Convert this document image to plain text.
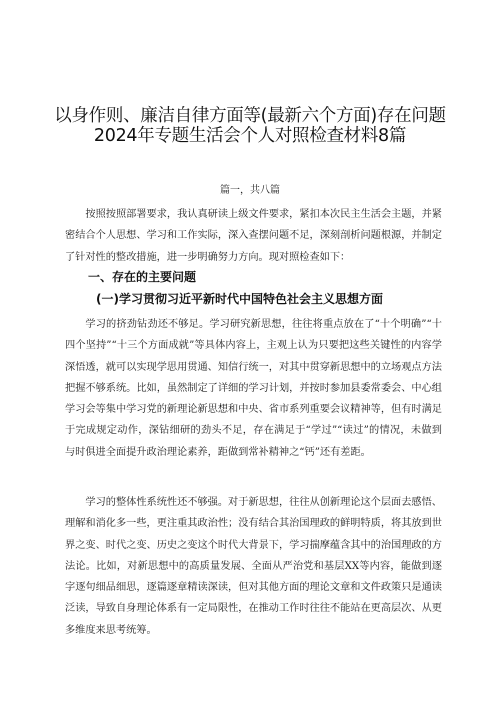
以身作则、廉洁自律方面等(最新六个方面)存在问题
2024年专题生活会个人对照检查材料8篇
篇一，共八篇

按照按照部署要求，我认真研读上级文件要求，紧扣本次民主生活会主题，并紧密结合个人思想、学习和工作实际，深入查摆问题不足，深刻剖析问题根源，并制定了针对性的整改措施，进一步明确努力方向。现对照检查如下：

一、存在的主要问题
(一)学习贯彻习近平新时代中国特色社会主义思想方面

学习的挤劲钻劲还不够足。学习研究新思想，往往将重点放在了“十个明确”“十四个坚持”“十三个方面成就”等具体内容上，主观上认为只要把这些关键性的内容学深悟透，就可以实现学思用贯通、知信行统一，对其中贯穿新思想中的立场观点方法把握不够系统。比如，虽然制定了详细的学习计划，并按时参加县委常委会、中心组学习会等集中学习党的新理论新思想和中央、省市系列重要会议精神等，但有时满足于完成规定动作，深钻细研的劲头不足，存在满足于“学过”“读过”的情况，未做到与时俱进全面提升政治理论素养，距做到常补精神之“钙”还有差距。

学习的整体性系统性还不够强。对于新思想，往往从创新理论这个层面去感悟、理解和消化多一些，更注重其政治性；没有结合其治国理政的鲜明特质，将其放到世界之变、时代之变、历史之变这个时代大背景下，学习揣摩蕴含其中的治国理政的方法论。比如，对新思想中的高质量发展、全面从严治党和基层XX等内容，能做到逐字逐句细品细思，逐篇逐章精读深读，但对其他方面的理论文章和文件政策只是通读泛读，导致自身理论体系有一定局限性，在推动工作时往往不能站在更高层次、从更多维度来思考统筹。
